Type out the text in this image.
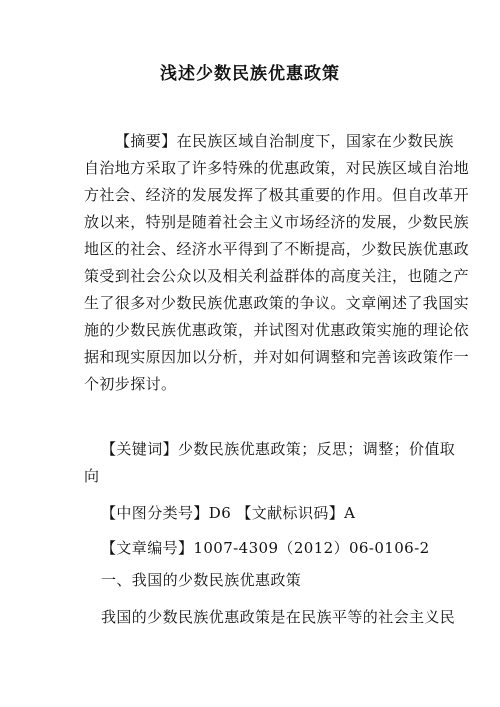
浅述少数民族优惠政策
【摘要】在民族区域自治制度下，国家在少数民族
自治地方采取了许多特殊的优惠政策，对民族区域自治地
方社会、经济的发展发挥了极其重要的作用。但自改革开
放以来，特别是随着社会主义市场经济的发展，少数民族
地区的社会、经济水平得到了不断提高，少数民族优惠政
策受到社会公众以及相关利益群体的高度关注，也随之产
生了很多对少数民族优惠政策的争议。文章阐述了我国实
施的少数民族优惠政策，并试图对优惠政策实施的理论依
据和现实原因加以分析，并对如何调整和完善该政策作一
个初步探讨。
【关键词】少数民族优惠政策；反思；调整；价值取
向
【中图分类号】D6 【文献标识码】A
【文章编号】1007-4309（2012）06-0106-2
一、我国的少数民族优惠政策
我国的少数民族优惠政策是在民族平等的社会主义民
